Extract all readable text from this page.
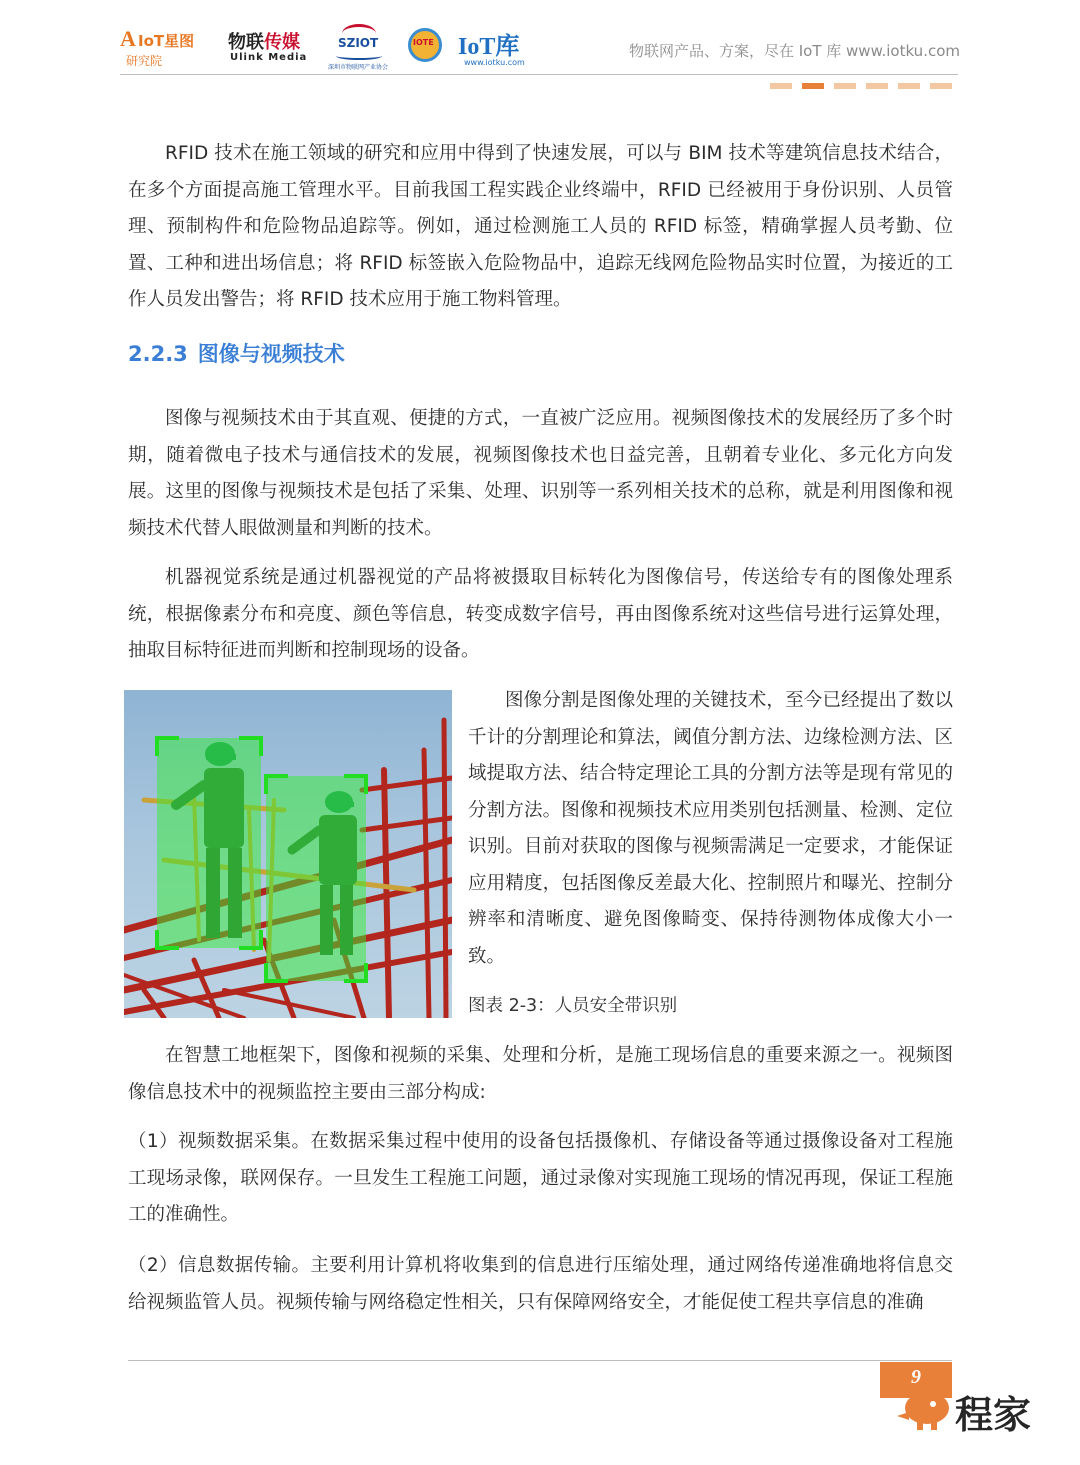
A IoT星图
研究院
物联传媒
Ulink Media
SZIOT
深圳市物联网产业协会
IOTE IoT库
www.iotku.com
物联网产品、方案，尽在 IoT 库 www.iotku.com

RFID 技术在施工领域的研究和应用中得到了快速发展，可以与 BIM 技术等建筑信息技术结合，在多个方面提高施工管理水平。目前我国工程实践企业终端中，RFID 已经被用于身份识别、人员管理、预制构件和危险物品追踪等。例如，通过检测施工人员的 RFID 标签，精确掌握人员考勤、位置、工种和进出场信息；将 RFID 标签嵌入危险物品中，追踪无线网危险物品实时位置，为接近的工作人员发出警告；将 RFID 技术应用于施工物料管理。

2.2.3 图像与视频技术

图像与视频技术由于其直观、便捷的方式，一直被广泛应用。视频图像技术的发展经历了多个时期，随着微电子技术与通信技术的发展，视频图像技术也日益完善，且朝着专业化、多元化方向发展。这里的图像与视频技术是包括了采集、处理、识别等一系列相关技术的总称，就是利用图像和视频技术代替人眼做测量和判断的技术。

机器视觉系统是通过机器视觉的产品将被摄取目标转化为图像信号，传送给专有的图像处理系统，根据像素分布和亮度、颜色等信息，转变成数字信号，再由图像系统对这些信号进行运算处理，抽取目标特征进而判断和控制现场的设备。

图像分割是图像处理的关键技术，至今已经提出了数以千计的分割理论和算法，阈值分割方法、边缘检测方法、区域提取方法、结合特定理论工具的分割方法等是现有常见的分割方法。图像和视频技术应用类别包括测量、检测、定位识别。目前对获取的图像与视频需满足一定要求，才能保证应用精度，包括图像反差最大化、控制照片和曝光、控制分辨率和清晰度、避免图像畸变、保持待测物体成像大小一致。

图表 2-3：人员安全带识别

在智慧工地框架下，图像和视频的采集、处理和分析，是施工现场信息的重要来源之一。视频图像信息技术中的视频监控主要由三部分构成:

（1）视频数据采集。在数据采集过程中使用的设备包括摄像机、存储设备等通过摄像设备对工程施工现场录像，联网保存。一旦发生工程施工问题，通过录像对实现施工现场的情况再现，保证工程施工的准确性。

（2）信息数据传输。主要利用计算机将收集到的信息进行压缩处理，通过网络传递准确地将信息交给视频监管人员。视频传输与网络稳定性相关，只有保障网络安全，才能促使工程共享信息的准确

9
程家
